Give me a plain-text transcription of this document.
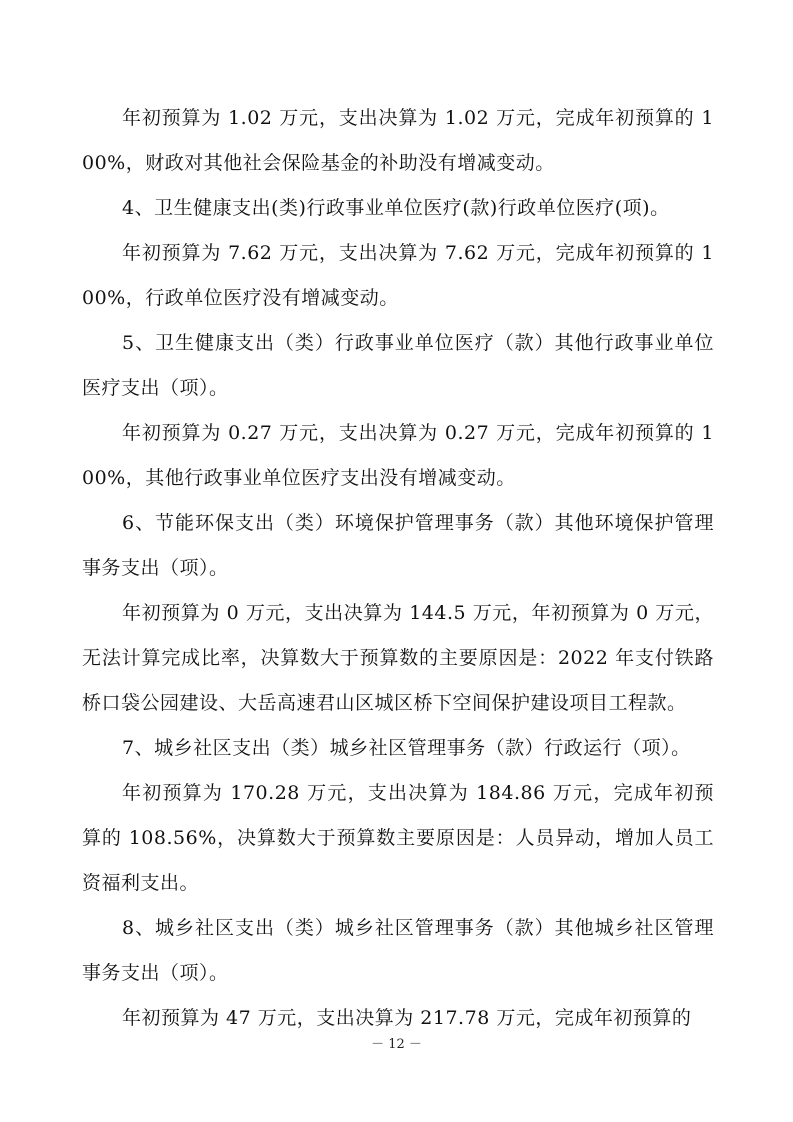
年初预算为 1.02 万元，支出决算为 1.02 万元，完成年初预算的 100%，财政对其他社会保险基金的补助没有增减变动。

4、卫生健康支出(类)行政事业单位医疗(款)行政单位医疗(项)。

年初预算为 7.62 万元，支出决算为 7.62 万元，完成年初预算的 100%，行政单位医疗没有增减变动。

5、卫生健康支出（类）行政事业单位医疗（款）其他行政事业单位医疗支出（项）。

年初预算为 0.27 万元，支出决算为 0.27 万元，完成年初预算的 100%，其他行政事业单位医疗支出没有增减变动。

6、节能环保支出（类）环境保护管理事务（款）其他环境保护管理事务支出（项）。

年初预算为 0 万元，支出决算为 144.5 万元，年初预算为 0 万元，无法计算完成比率，决算数大于预算数的主要原因是：2022 年支付铁路桥口袋公园建设、大岳高速君山区城区桥下空间保护建设项目工程款。

7、城乡社区支出（类）城乡社区管理事务（款）行政运行（项）。

年初预算为 170.28 万元，支出决算为 184.86 万元，完成年初预算的 108.56%，决算数大于预算数主要原因是：人员异动，增加人员工资福利支出。

8、城乡社区支出（类）城乡社区管理事务（款）其他城乡社区管理事务支出（项）。

年初预算为 47 万元，支出决算为 217.78 万元，完成年初预算的

－ 12 －
